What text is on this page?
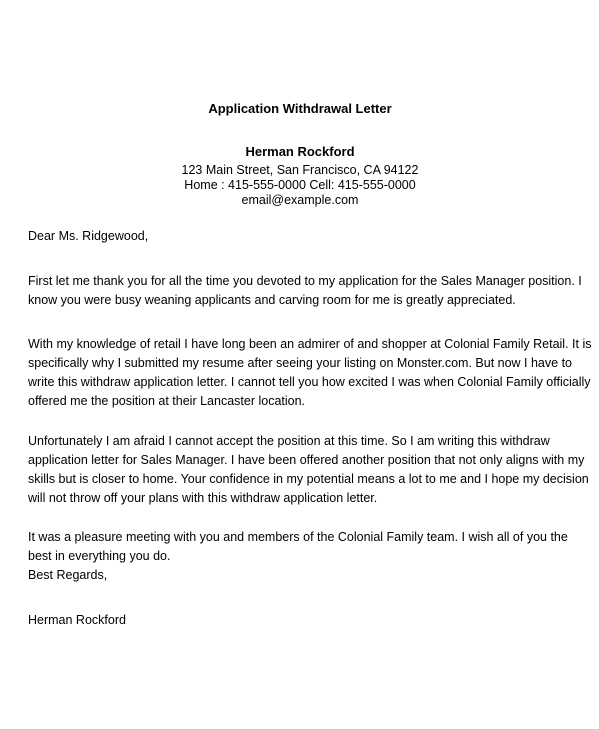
Application Withdrawal Letter
Herman Rockford
123 Main Street, San Francisco, CA 94122
Home : 415-555-0000 Cell: 415-555-0000
email@example.com
Dear Ms. Ridgewood,
First let me thank you for all the time you devoted to my application for the Sales Manager position. I
know you were busy weaning applicants and carving room for me is greatly appreciated.
With my knowledge of retail I have long been an admirer of and shopper at Colonial Family Retail. It is
specifically why I submitted my resume after seeing your listing on Monster.com. But now I have to
write this withdraw application letter. I cannot tell you how excited I was when Colonial Family officially
offered me the position at their Lancaster location.
Unfortunately I am afraid I cannot accept the position at this time. So I am writing this withdraw
application letter for Sales Manager. I have been offered another position that not only aligns with my
skills but is closer to home. Your confidence in my potential means a lot to me and I hope my decision
will not throw off your plans with this withdraw application letter.
It was a pleasure meeting with you and members of the Colonial Family team. I wish all of you the
best in everything you do.
Best Regards,
Herman Rockford
